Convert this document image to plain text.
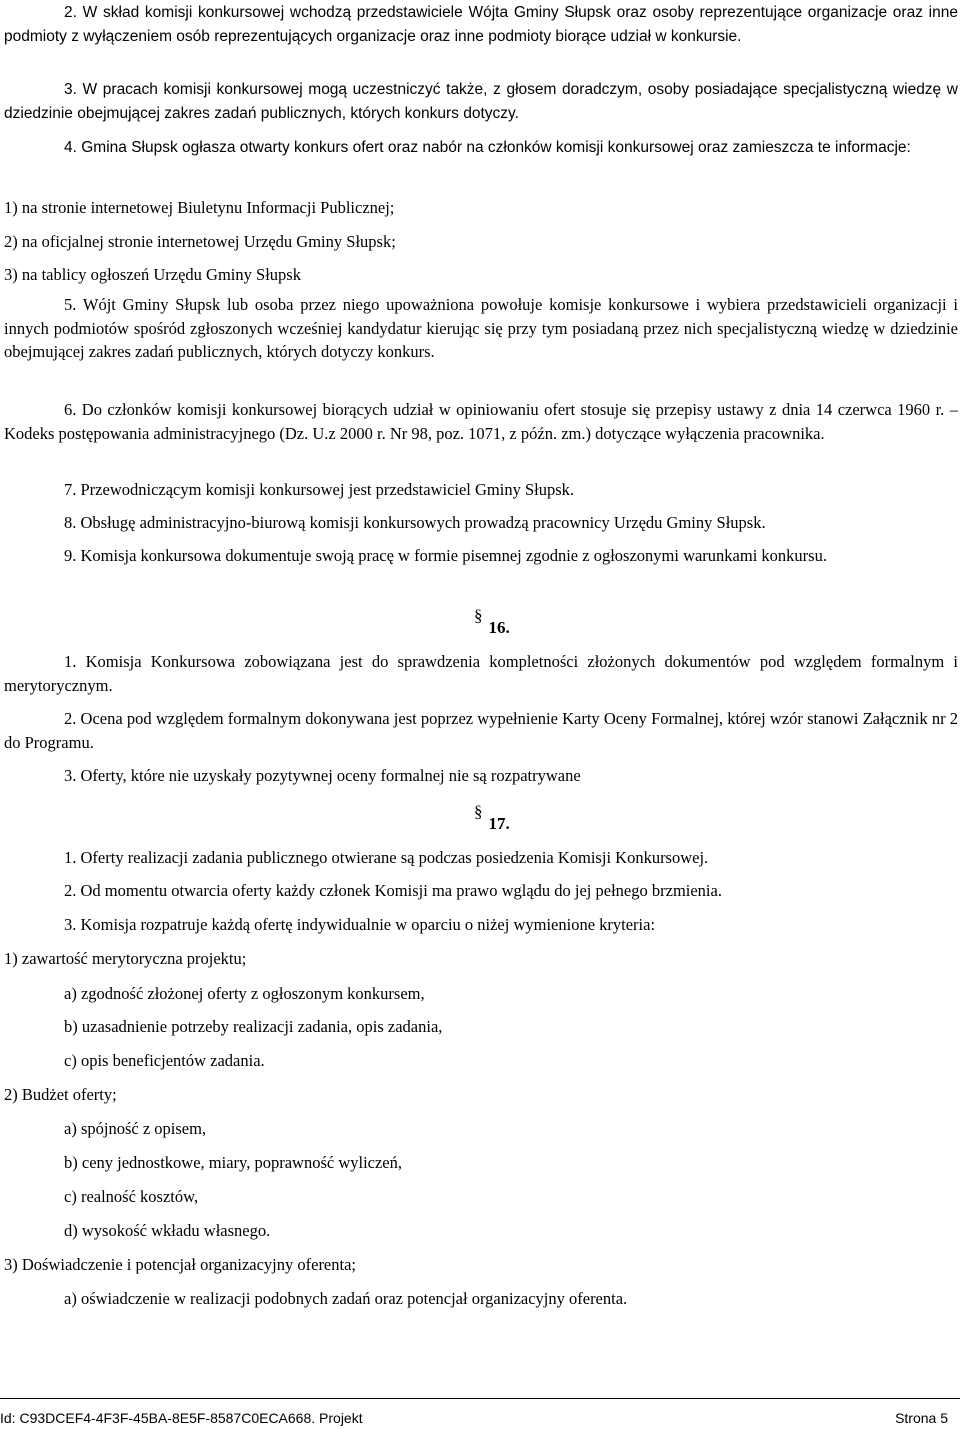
2. W skład komisji konkursowej wchodzą przedstawiciele Wójta Gminy Słupsk oraz osoby reprezentujące organizacje oraz inne podmioty z wyłączeniem osób reprezentujących organizacje oraz inne podmioty biorące udział w konkursie.

3. W pracach komisji konkursowej mogą uczestniczyć także, z głosem doradczym, osoby posiadające specjalistyczną wiedzę w dziedzinie obejmującej zakres zadań publicznych, których konkurs dotyczy.

4. Gmina Słupsk ogłasza otwarty konkurs ofert oraz nabór na członków komisji konkursowej oraz zamieszcza te informacje:

1) na stronie internetowej Biuletynu Informacji Publicznej;

2) na oficjalnej stronie internetowej Urzędu Gminy Słupsk;

3) na tablicy ogłoszeń Urzędu Gminy Słupsk

5. Wójt Gminy Słupsk lub osoba przez niego upoważniona powołuje komisje konkursowe i wybiera przedstawicieli organizacji i innych podmiotów spośród zgłoszonych wcześniej kandydatur kierując się przy tym posiadaną przez nich specjalistyczną wiedzę w dziedzinie obejmującej zakres zadań publicznych, których dotyczy konkurs.

6. Do członków komisji konkursowej biorących udział w opiniowaniu ofert stosuje się przepisy ustawy z dnia 14 czerwca 1960 r. – Kodeks postępowania administracyjnego (Dz. U.z 2000 r. Nr 98, poz. 1071, z późn. zm.) dotyczące wyłączenia pracownika.

7. Przewodniczącym komisji konkursowej jest przedstawiciel Gminy Słupsk.

8. Obsługę administracyjno-biurową komisji konkursowych prowadzą pracownicy Urzędu Gminy Słupsk.

9. Komisja konkursowa dokumentuje swoją pracę w formie pisemnej zgodnie z ogłoszonymi warunkami konkursu.

§16.

1. Komisja Konkursowa zobowiązana jest do sprawdzenia kompletności złożonych dokumentów pod względem formalnym i merytorycznym.

2. Ocena pod względem formalnym dokonywana jest poprzez wypełnienie Karty Oceny Formalnej, której wzór stanowi Załącznik nr 2 do Programu.

3. Oferty, które nie uzyskały pozytywnej oceny formalnej nie są rozpatrywane

§17.

1. Oferty realizacji zadania publicznego otwierane są podczas posiedzenia Komisji Konkursowej.

2. Od momentu otwarcia oferty każdy członek Komisji ma prawo wglądu do jej pełnego brzmienia.

3. Komisja rozpatruje każdą ofertę indywidualnie w oparciu o niżej wymienione kryteria:

1) zawartość merytoryczna projektu;

a) zgodność złożonej oferty z ogłoszonym konkursem,

b) uzasadnienie potrzeby realizacji zadania, opis zadania,

c) opis beneficjentów zadania.

2) Budżet oferty;

a) spójność z opisem,

b) ceny jednostkowe, miary, poprawność wyliczeń,

c) realność kosztów,

d) wysokość wkładu własnego.

3) Doświadczenie i potencjał organizacyjny oferenta;

a) oświadczenie w realizacji podobnych zadań oraz potencjał organizacyjny oferenta.

Id: C93DCEF4-4F3F-45BA-8E5F-8587C0ECA668. Projekt	Strona 5
